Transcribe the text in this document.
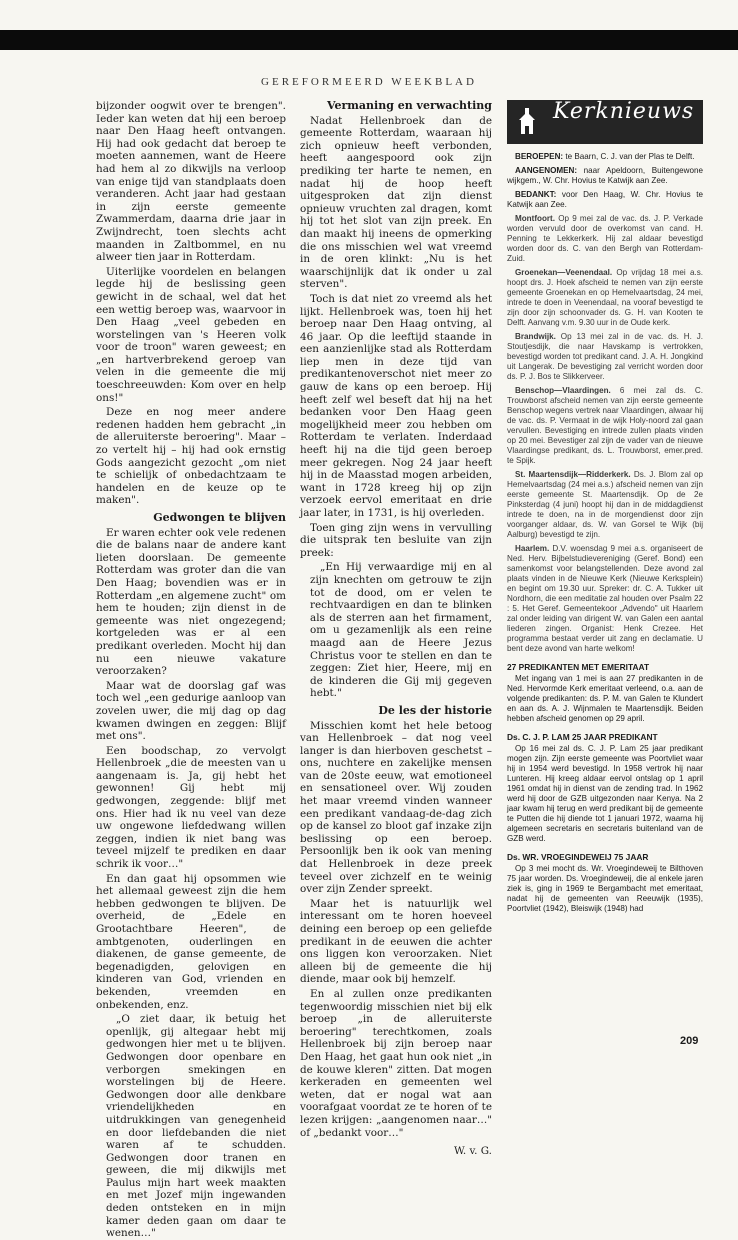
GEREFORMEERD WEEKBLAD

bijzonder oogwit over te brengen". Ieder kan weten dat hij een beroep naar Den Haag heeft ontvangen. Hij had ook gedacht dat beroep te moeten aannemen, want de Heere had hem al zo dikwijls na verloop van enige tijd van standplaats doen veranderen. Acht jaar had gestaan in zijn eerste gemeente Zwammerdam, daarna drie jaar in Zwijndrecht, toen slechts acht maanden in Zaltbommel, en nu alweer tien jaar in Rotterdam.

Uiterlijke voordelen en belangen legde hij de beslissing geen gewicht in de schaal, wel dat het een wettig beroep was, waarvoor in Den Haag „veel gebeden en worstelingen van 's Heeren volk voor de troon" waren geweest; en „en hartverbrekend geroep van velen in die gemeente die mij toeschreeuwden: Kom over en help ons!"

Deze en nog meer andere redenen hadden hem gebracht „in de alleruiterste beroering". Maar – zo vertelt hij – hij had ook ernstig Gods aangezicht gezocht „om niet te schielijk of onbedachtzaam te handelen en de keuze op te maken".

Gedwongen te blijven

Er waren echter ook vele redenen die de balans naar de andere kant lieten doorslaan. De gemeente Rotterdam was groter dan die van Den Haag; bovendien was er in Rotterdam „en algemene zucht" om hem te houden; zijn dienst in de gemeente was niet ongezegend; kortgeleden was er al een predikant overleden. Mocht hij dan nu een nieuwe vakature veroorzaken?

Maar wat de doorslag gaf was toch wel „een gedurige aanloop van zovelen uwer, die mij dag op dag kwamen dwingen en zeggen: Blijf met ons".

Een boodschap, zo vervolgt Hellenbroek „die de meesten van u aangenaam is. Ja, gij hebt het gewonnen! Gij hebt mij gedwongen, zeggende: blijf met ons. Hier had ik nu veel van deze uw ongewone liefdedwang willen zeggen, indien ik niet bang was teveel mijzelf te prediken en daar schrik ik voor…"

En dan gaat hij opsommen wie het allemaal geweest zijn die hem hebben gedwongen te blijven. De overheid, de „Edele en Grootachtbare Heeren", de ambtgenoten, ouderlingen en diakenen, de ganse gemeente, de begenadigden, gelovigen en kinderen van God, vrienden en bekenden, vreemden en onbekenden, enz.

„O ziet daar, ik betuig het openlijk, gij altegaar hebt mij gedwongen hier met u te blijven. Gedwongen door openbare en verborgen smekingen en worstelingen bij de Heere. Gedwongen door alle denkbare vriendelijkheden en uitdrukkingen van genegenheid en door liefdebanden die niet waren af te schudden. Gedwongen door tranen en geween, die mij dikwijls met Paulus mijn hart week maakten en met Jozef mijn ingewanden deden ontsteken en in mijn kamer deden gaan om daar te wenen…"

Vermaning en verwachting

Nadat Hellenbroek dan de gemeente Rotterdam, waaraan hij zich opnieuw heeft verbonden, heeft aangespoord ook zijn prediking ter harte te nemen, en nadat hij de hoop heeft uitgesproken dat zijn dienst opnieuw vruchten zal dragen, komt hij tot het slot van zijn preek. En dan maakt hij ineens de opmerking die ons misschien wel wat vreemd in de oren klinkt: „Nu is het waarschijnlijk dat ik onder u zal sterven".

Toch is dat niet zo vreemd als het lijkt. Hellenbroek was, toen hij het beroep naar Den Haag ontving, al 46 jaar. Op die leeftijd staande in een aanzienlijke stad als Rotterdam liep men in deze tijd van predikantenoverschot niet meer zo gauw de kans op een beroep. Hij heeft zelf wel beseft dat hij na het bedanken voor Den Haag geen mogelijkheid meer zou hebben om Rotterdam te verlaten. Inderdaad heeft hij na die tijd geen beroep meer gekregen. Nog 24 jaar heeft hij in de Maasstad mogen arbeiden, want in 1728 kreeg hij op zijn verzoek eervol emeritaat en drie jaar later, in 1731, is hij overleden.

Toen ging zijn wens in vervulling die uitsprak ten besluite van zijn preek:

„En Hij verwaardige mij en al zijn knechten om getrouw te zijn tot de dood, om er velen te rechtvaardigen en dan te blinken als de sterren aan het firmament, om u gezamenlijk als een reine maagd aan de Heere Jezus Christus voor te stellen en dan te zeggen: Ziet hier, Heere, mij en de kinderen die Gij mij gegeven hebt."

De les der historie

Misschien komt het hele betoog van Hellenbroek – dat nog veel langer is dan hierboven geschetst – ons, nuchtere en zakelijke mensen van de 20ste eeuw, wat emotioneel en sensationeel over. Wij zouden het maar vreemd vinden wanneer een predikant vandaag-de-dag zich op de kansel zo bloot gaf inzake zijn beslissing op een beroep. Persoonlijk ben ik ook van mening dat Hellenbroek in deze preek teveel over zichzelf en te weinig over zijn Zender spreekt.

Maar het is natuurlijk wel interessant om te horen hoeveel deining een beroep op een geliefde predikant in de eeuwen die achter ons liggen kon veroorzaken. Niet alleen bij de gemeente die hij diende, maar ook bij hemzelf.

En al zullen onze predikanten tegenwoordig misschien niet bij elk beroep „in de alleruiterste beroering" terechtkomen, zoals Hellenbroek bij zijn beroep naar Den Haag, het gaat hun ook niet „in de kouwe kleren" zitten. Dat mogen kerkeraden en gemeenten wel weten, dat er nogal wat aan voorafgaat voordat ze te horen of te lezen krijgen: „aangenomen naar…" of „bedankt voor…"

W. v. G.

Kerknieuws

BEROEPEN: te Baarn, C. J. van der Plas te Delft.

AANGENOMEN: naar Apeldoorn, Buitengewone wijkgem., W. Chr. Hovius te Katwijk aan Zee.

BEDANKT: voor Den Haag, W. Chr. Hovius te Katwijk aan Zee.

Montfoort. Op 9 mei zal de vac. ds. J. P. Verkade worden vervuld door de overkomst van cand. H. Penning te Lekkerkerk. Hij zal aldaar bevestigd worden door ds. C. van den Bergh van Rotterdam-Zuid.

Groenekan—Veenendaal. Op vrijdag 18 mei a.s. hoopt drs. J. Hoek afscheid te nemen van zijn eerste gemeente Groenekan en op Hemelvaartsdag, 24 mei, intrede te doen in Veenendaal, na vooraf bevestigd te zijn door zijn schoonvader ds. G. H. van Kooten te Delft. Aanvang v.m. 9.30 uur in de Oude kerk.

Brandwijk. Op 13 mei zal in de vac. ds. H. J. Stoutjesdijk, die naar Havskamp is vertrokken, bevestigd worden tot predikant cand. J. A. H. Jongkind uit Langerak. De bevestiging zal verricht worden door ds. P. J. Bos te Slikkerveer.

Benschop—Vlaardingen. 6 mei zal ds. C. Trouwborst afscheid nemen van zijn eerste gemeente Benschop wegens vertrek naar Vlaardingen, alwaar hij de vac. ds. P. Vermaat in de wijk Holy-noord zal gaan vervullen. Bevestiging en intrede zullen plaats vinden op 20 mei. Bevestiger zal zijn de vader van de nieuwe Vlaardingse predikant, ds. L. Trouwborst, emer.pred. te Spijk.

St. Maartensdijk—Ridderkerk. Ds. J. Blom zal op Hemelvaartsdag (24 mei a.s.) afscheid nemen van zijn eerste gemeente St. Maartensdijk. Op de 2e Pinksterdag (4 juni) hoopt hij dan in de middagdienst intrede te doen, na in de morgendienst door zijn voorganger aldaar, ds. W. van Gorsel te Wijk (bij Aalburg) bevestigd te zijn.

Haarlem. D.V. woensdag 9 mei a.s. organiseert de Ned. Herv. Bijbelstudievereniging (Geref. Bond) een samenkomst voor belangstellenden. Deze avond zal plaats vinden in de Nieuwe Kerk (Nieuwe Kerksplein) en begint om 19.30 uur. Spreker: dr. C. A. Tukker uit Nordhorn, die een meditatie zal houden over Psalm 22 : 5. Het Geref. Gemeentekoor „Advendo" uit Haarlem zal onder leiding van dirigent W. van Galen een aantal liederen zingen. Organist: Henk Crezee. Het programma bestaat verder uit zang en declamatie. U bent deze avond van harte welkom!

27 PREDIKANTEN MET EMERITAAT

Met ingang van 1 mei is aan 27 predikanten in de Ned. Hervormde Kerk emeritaat verleend, o.a. aan de volgende predikanten: ds. P. M. van Galen te Klundert en aan ds. A. J. Wijnmalen te Maartensdijk. Beiden hebben afscheid genomen op 29 april.

Ds. C. J. P. LAM 25 JAAR PREDIKANT

Op 16 mei zal ds. C. J. P. Lam 25 jaar predikant mogen zijn. Zijn eerste gemeente was Poortvliet waar hij in 1954 werd bevestigd. In 1958 vertrok hij naar Lunteren. Hij kreeg aldaar eervol ontslag op 1 april 1961 omdat hij in dienst van de zending trad. In 1962 werd hij door de GZB uitgezonden naar Kenya. Na 2 jaar kwam hij terug en werd predikant bij de gemeente te Putten die hij diende tot 1 januari 1972, waarna hij algemeen secretaris en secretaris buitenland van de GZB werd.

Ds. WR. VROEGINDEWEIJ 75 JAAR

Op 3 mei mocht ds. Wr. Vroegindeweij te Bilthoven 75 jaar worden. Ds. Vroegindeweij, die al enkele jaren ziek is, ging in 1969 te Bergambacht met emeritaat, nadat hij de gemeenten van Reeuwijk (1935), Poortvliet (1942), Bleiswijk (1948) had

209
